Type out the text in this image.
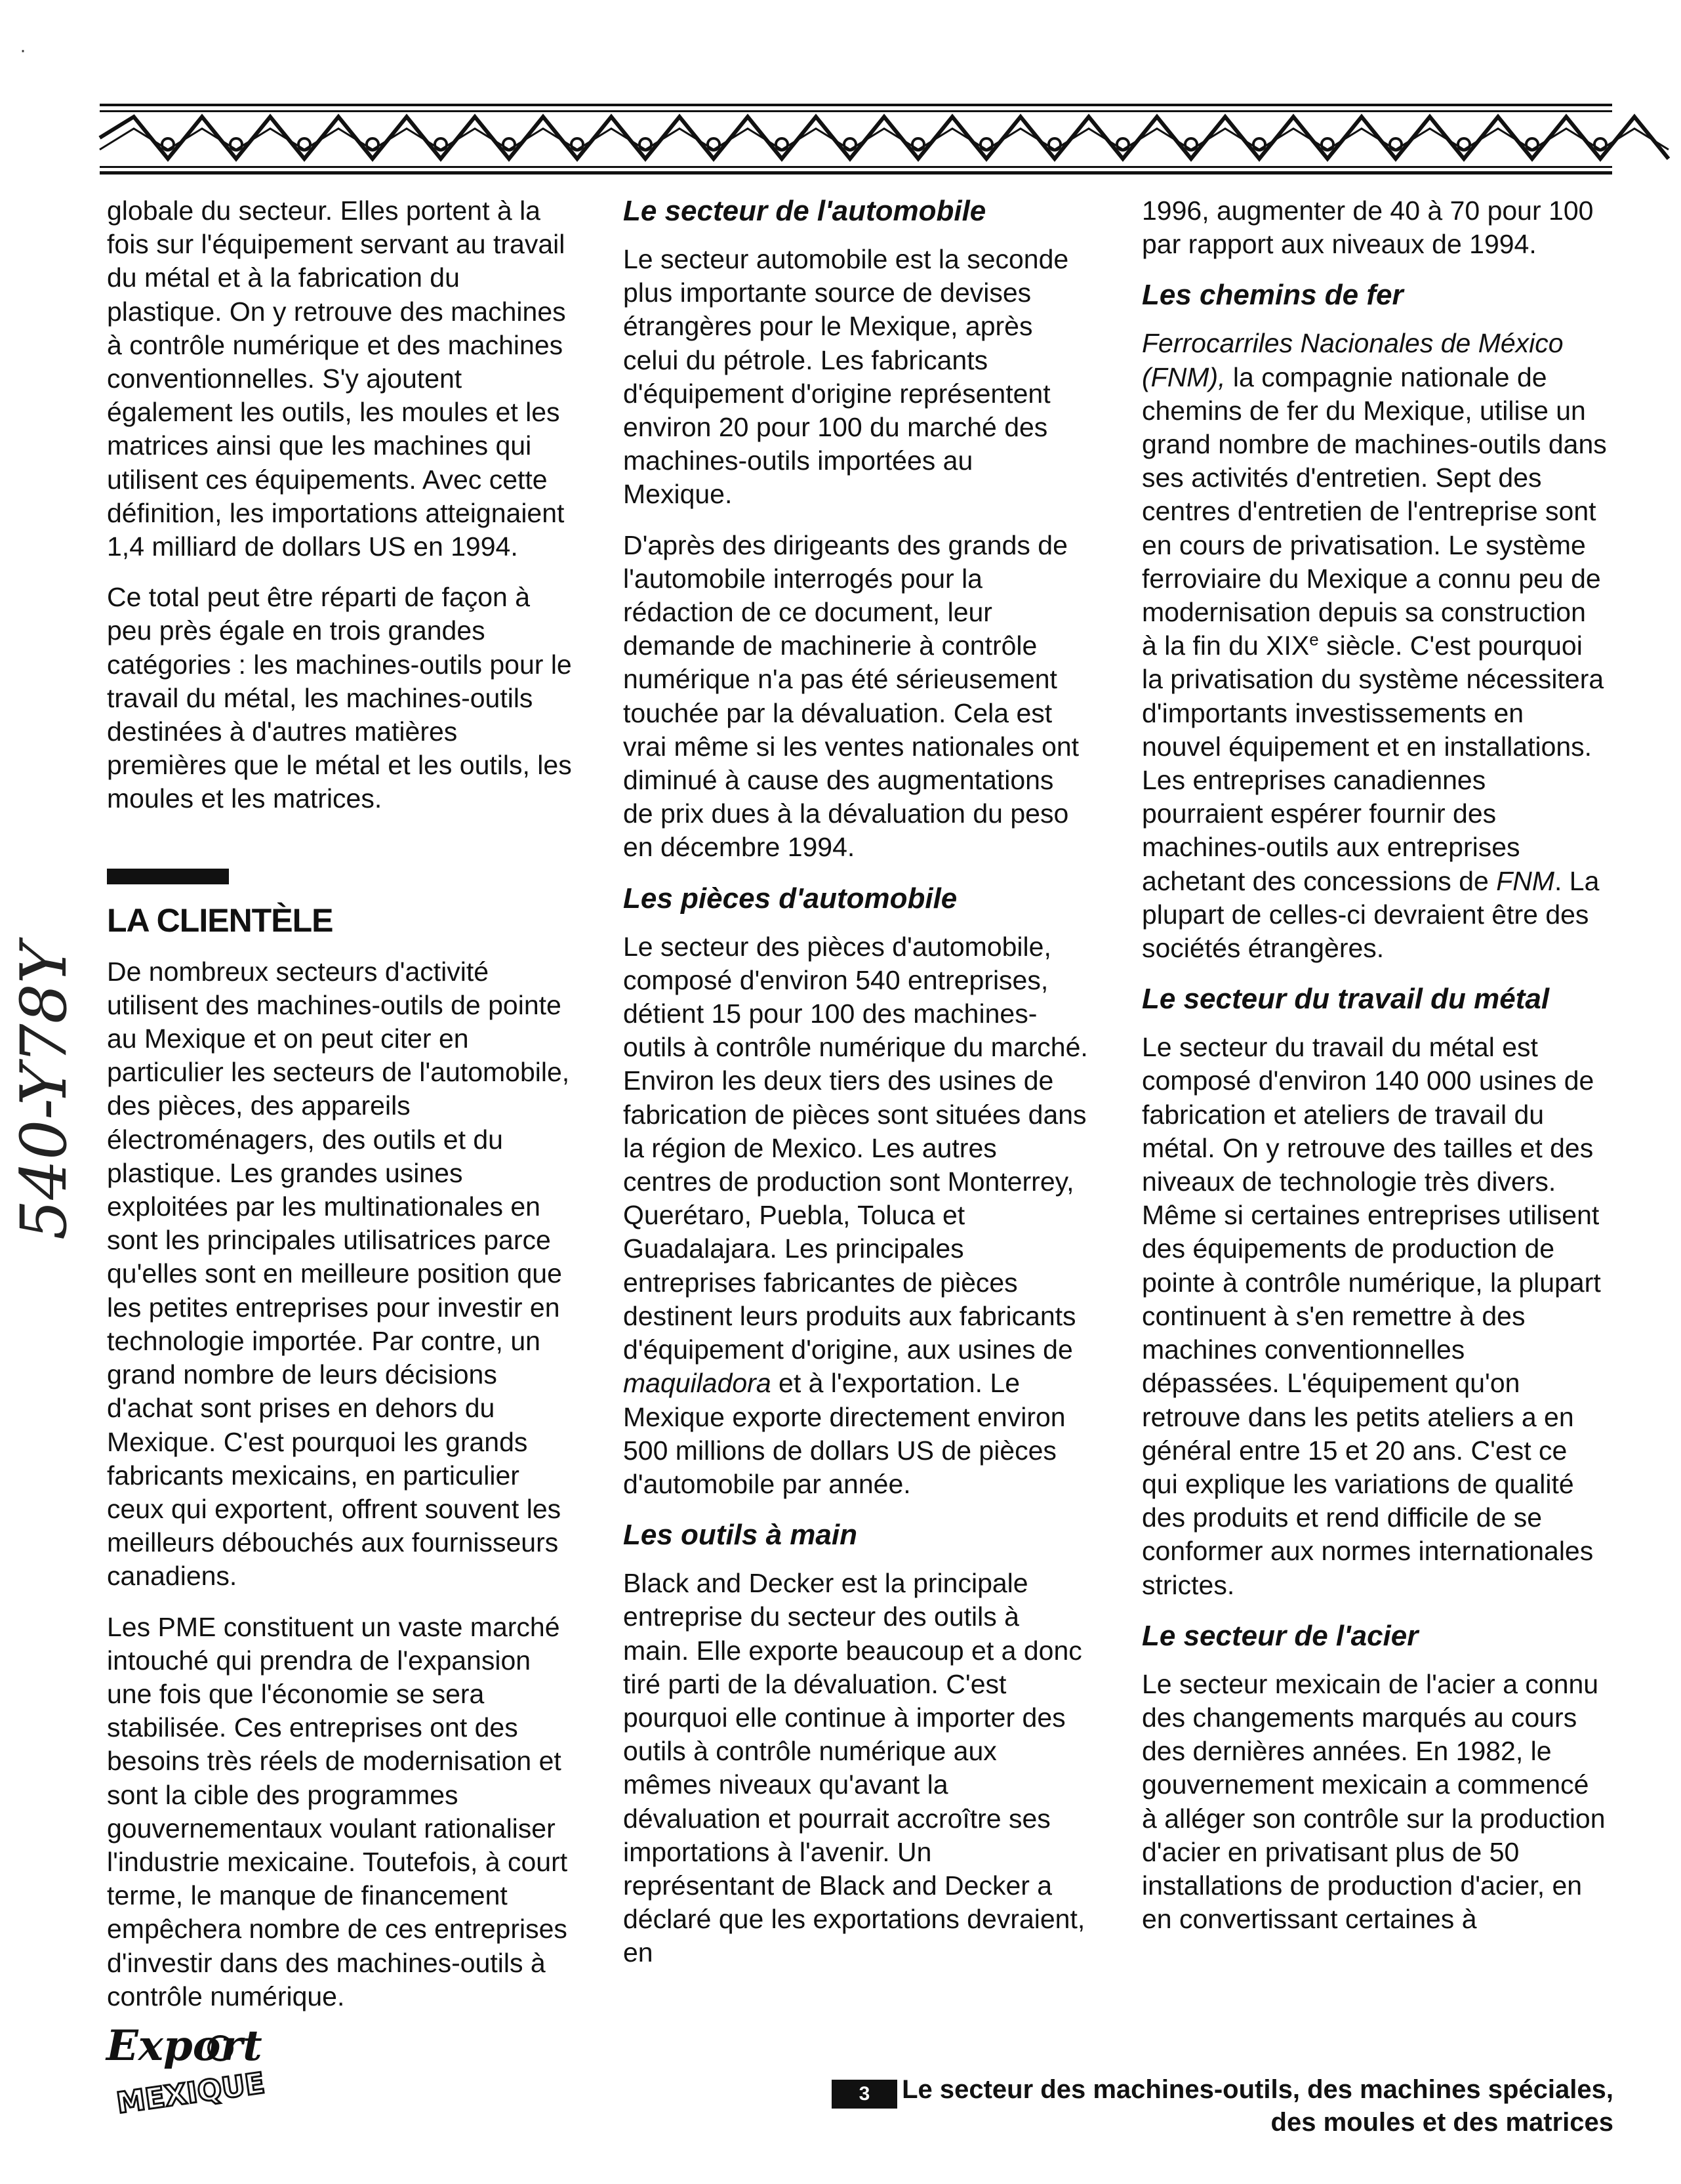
·

globale du secteur. Elles portent à la fois sur l'équipement servant au travail du métal et à la fabrication du plastique. On y retrouve des machines à contrôle numérique et des machines conventionnelles. S'y ajoutent également les outils, les moules et les matrices ainsi que les machines qui utilisent ces équipements. Avec cette définition, les importations atteignaient 1,4 milliard de dollars US en 1994.

Ce total peut être réparti de façon à peu près égale en trois grandes catégories : les machines-outils pour le travail du métal, les machines-outils destinées à d'autres matières premières que le métal et les outils, les moules et les matrices.

LA CLIENTÈLE

De nombreux secteurs d'activité utilisent des machines-outils de pointe au Mexique et on peut citer en particulier les secteurs de l'automobile, des pièces, des appareils électroménagers, des outils et du plastique. Les grandes usines exploitées par les multinationales en sont les principales utilisatrices parce qu'elles sont en meilleure position que les petites entreprises pour investir en technologie importée. Par contre, un grand nombre de leurs décisions d'achat sont prises en dehors du Mexique. C'est pourquoi les grands fabricants mexicains, en particulier ceux qui exportent, offrent souvent les meilleurs débouchés aux fournisseurs canadiens.

Les PME constituent un vaste marché intouché qui prendra de l'expansion une fois que l'économie se sera stabilisée. Ces entreprises ont des besoins très réels de modernisation et sont la cible des programmes gouvernementaux voulant rationaliser l'industrie mexicaine. Toutefois, à court terme, le manque de financement empêchera nombre de ces entreprises d'investir dans des machines-outils à contrôle numérique.

Le secteur de l'automobile

Le secteur automobile est la seconde plus importante source de devises étrangères pour le Mexique, après celui du pétrole. Les fabricants d'équipement d'origine représentent environ 20 pour 100 du marché des machines-outils importées au Mexique.

D'après des dirigeants des grands de l'automobile interrogés pour la rédaction de ce document, leur demande de machinerie à contrôle numérique n'a pas été sérieusement touchée par la dévaluation. Cela est vrai même si les ventes nationales ont diminué à cause des augmentations de prix dues à la dévaluation du peso en décembre 1994.

Les pièces d'automobile

Le secteur des pièces d'automobile, composé d'environ 540 entreprises, détient 15 pour 100 des machines-outils à contrôle numérique du marché. Environ les deux tiers des usines de fabrication de pièces sont situées dans la région de Mexico. Les autres centres de production sont Monterrey, Querétaro, Puebla, Toluca et Guadalajara. Les principales entreprises fabricantes de pièces destinent leurs produits aux fabricants d'équipement d'origine, aux usines de maquiladora et à l'exportation. Le Mexique exporte directement environ 500 millions de dollars US de pièces d'automobile par année.

Les outils à main

Black and Decker est la principale entreprise du secteur des outils à main. Elle exporte beaucoup et a donc tiré parti de la dévaluation. C'est pourquoi elle continue à importer des outils à contrôle numérique aux mêmes niveaux qu'avant la dévaluation et pourrait accroître ses importations à l'avenir. Un représentant de Black and Decker a déclaré que les exportations devraient, en

1996, augmenter de 40 à 70 pour 100 par rapport aux niveaux de 1994.

Les chemins de fer

Ferrocarriles Nacionales de México (FNM), la compagnie nationale de chemins de fer du Mexique, utilise un grand nombre de machines-outils dans ses activités d'entretien. Sept des centres d'entretien de l'entreprise sont en cours de privatisation. Le système ferroviaire du Mexique a connu peu de modernisation depuis sa construction à la fin du XIXe siècle. C'est pourquoi la privatisation du système nécessitera d'importants investissements en nouvel équipement et en installations. Les entreprises canadiennes pourraient espérer fournir des machines-outils aux entreprises achetant des concessions de FNM. La plupart de celles-ci devraient être des sociétés étrangères.

Le secteur du travail du métal

Le secteur du travail du métal est composé d'environ 140 000 usines de fabrication et ateliers de travail du métal. On y retrouve des tailles et des niveaux de technologie très divers. Même si certaines entreprises utilisent des équipements de production de pointe à contrôle numérique, la plupart continuent à s'en remettre à des machines conventionnelles dépassées. L'équipement qu'on retrouve dans les petits ateliers a en général entre 15 et 20 ans. C'est ce qui explique les variations de qualité des produits et rend difficile de se conformer aux normes internationales strictes.

Le secteur de l'acier

Le secteur mexicain de l'acier a connu des changements marqués au cours des dernières années. En 1982, le gouvernement mexicain a commencé à alléger son contrôle sur la production d'acier en privatisant plus de 50 installations de production d'acier, en en convertissant certaines à

540-Y78Y
Export
MEXIQUE	3	Le secteur des machines-outils, des machines spéciales,
des moules et des matrices
